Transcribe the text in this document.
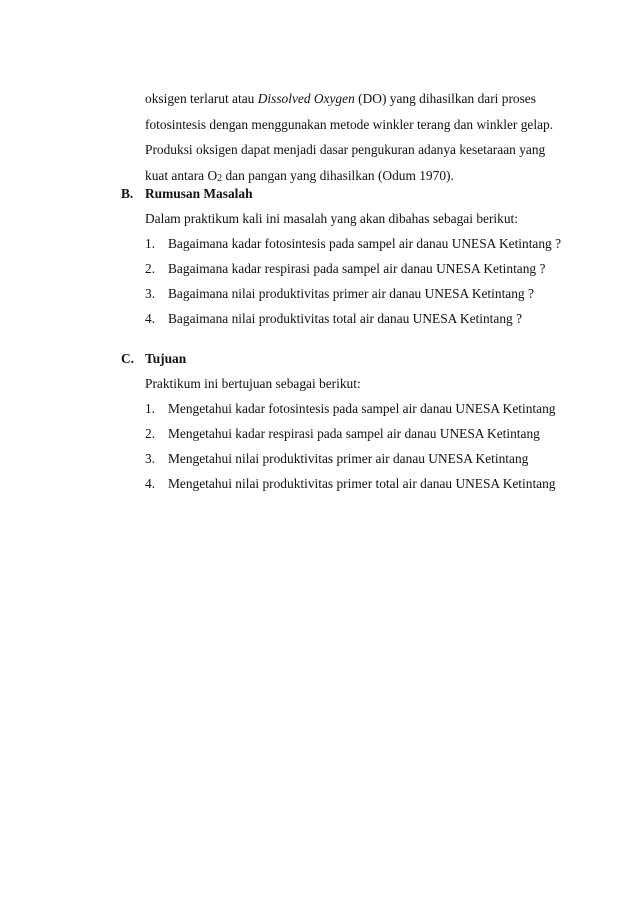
oksigen terlarut atau Dissolved Oxygen (DO) yang dihasilkan dari proses
fotosintesis dengan menggunakan metode winkler terang dan winkler gelap.
Produksi oksigen dapat menjadi dasar pengukuran adanya kesetaraan yang
kuat antara $O_2$ dan pangan yang dihasilkan (Odum 1970).
B. Rumusan Masalah
Dalam praktikum kali ini masalah yang akan dibahas sebagai berikut:
1. Bagaimana kadar fotosintesis pada sampel air danau UNESA Ketintang ?
2. Bagaimana kadar respirasi pada sampel air danau UNESA Ketintang ?
3. Bagaimana nilai produktivitas primer air danau UNESA Ketintang ?
4. Bagaimana nilai produktivitas total air danau UNESA Ketintang ?
C. Tujuan
Praktikum ini bertujuan sebagai berikut:
1. Mengetahui kadar fotosintesis pada sampel air danau UNESA Ketintang
2. Mengetahui kadar respirasi pada sampel air danau UNESA Ketintang
3. Mengetahui nilai produktivitas primer air danau UNESA Ketintang
4. Mengetahui nilai produktivitas primer total air danau UNESA Ketintang
